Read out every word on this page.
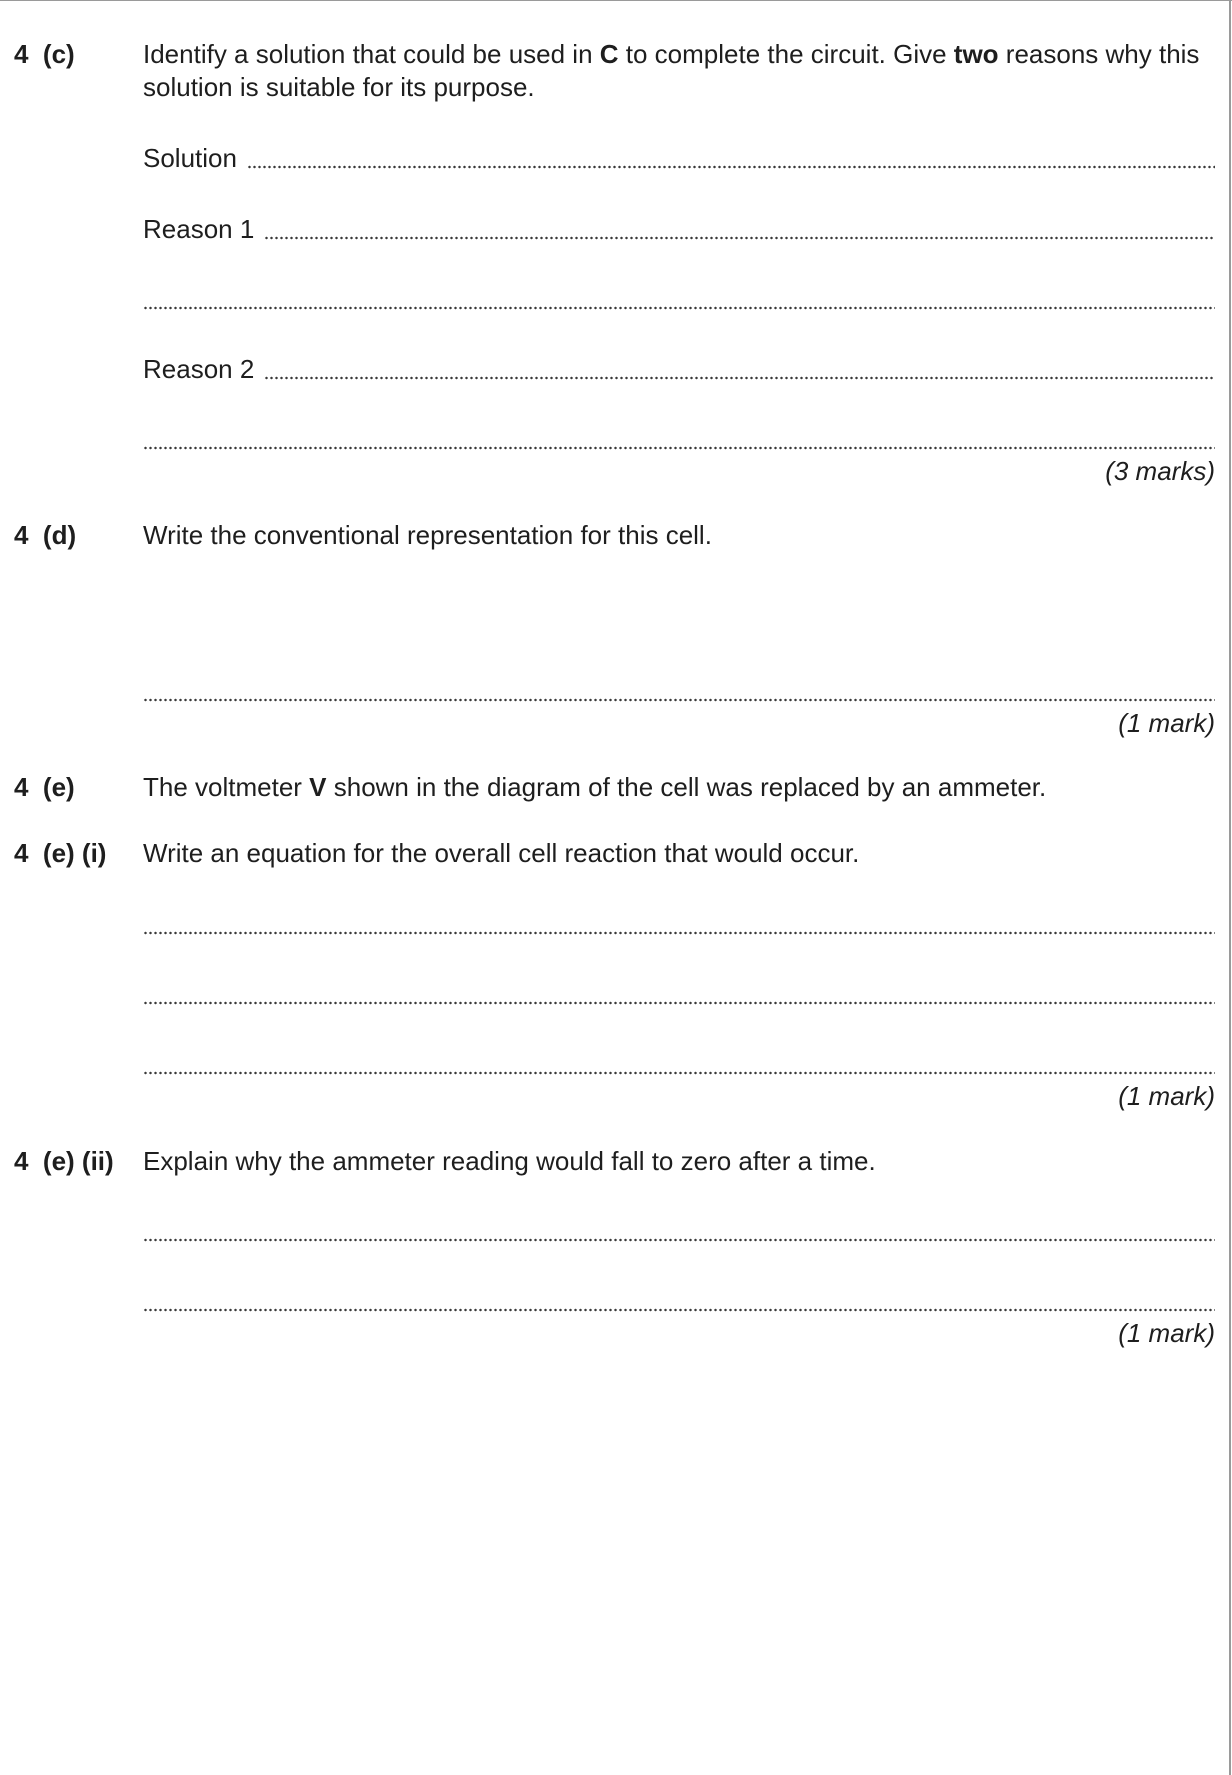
4  (c)	Identify a solution that could be used in C to complete the circuit. Give two reasons why this solution is suitable for its purpose.
Solution
Reason 1
Reason 2
(3 marks)
4  (d)	Write the conventional representation for this cell.
(1 mark)
4  (e)	The voltmeter V shown in the diagram of the cell was replaced by an ammeter.
4  (e) (i) Write an equation for the overall cell reaction that would occur.
(1 mark)
4  (e) (ii) Explain why the ammeter reading would fall to zero after a time.
(1 mark)
